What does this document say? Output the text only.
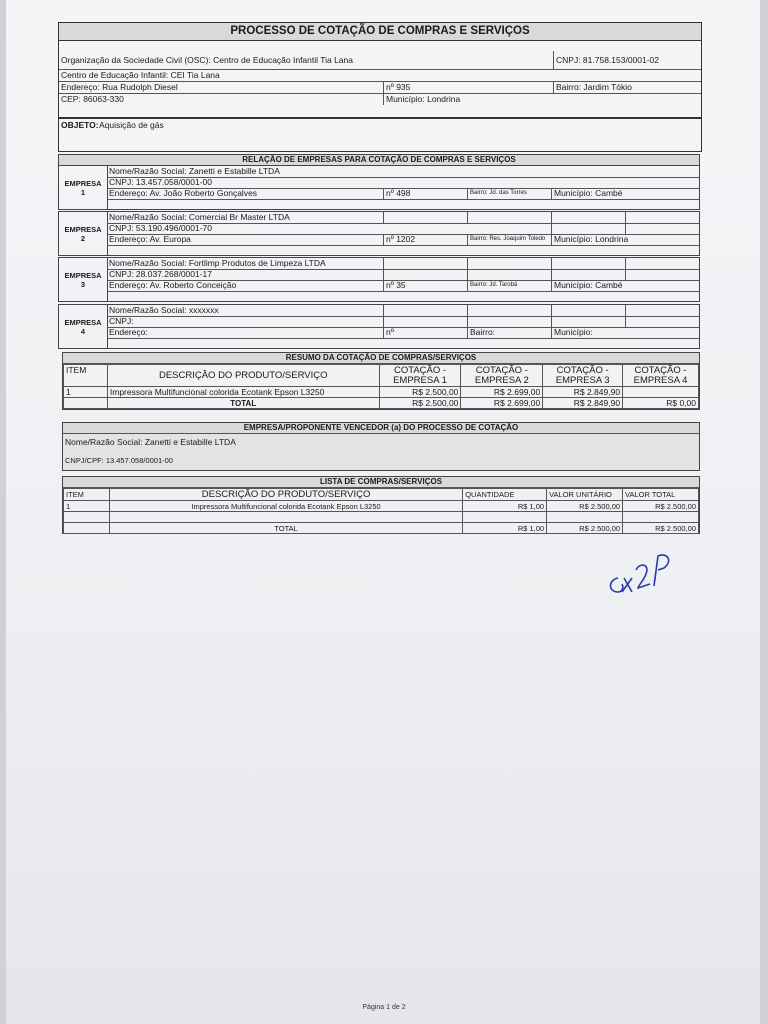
PROCESSO DE COTAÇÃO DE COMPRAS E SERVIÇOS
Organização da Sociedade Civil (OSC): Centro de Educação Infantil Tia Lana	CNPJ: 81.758.153/0001-02
Centro de Educação Infantil: CEI Tia Lana
Endereço: Rua Rudolph Diesel	nº 935	Bairro: Jardim Tókio
CEP: 86063-330	Município: Londrina
OBJETO: Aquisição de gás
RELAÇÃO DE EMPRESAS PARA COTAÇÃO DE COMPRAS E SERVIÇOS
EMPRESA
1
Nome/Razão Social: Zanetti e Estabille LTDA
CNPJ: 13.457.058/0001-00
Endereço: Av. João Roberto Gonçalves	nº 498	Bairro: Jd. das Torres	Município: Cambé
EMPRESA
2
Nome/Razão Social: Comercial Br Master LTDA
CNPJ: 53.190.496/0001-70
Endereço: Av. Europa	nº 1202	Bairro: Res. Joaquim Toledo	Município: Londrina
EMPRESA
3
Nome/Razão Social: Fortlimp Produtos de Limpeza LTDA
CNPJ: 28.037.268/0001-17
Endereço: Av. Roberto Conceição	nº 35	Bairro: Jd. Tarobá	Município: Cambé
EMPRESA
4
Nome/Razão Social: xxxxxxx
CNPJ:
Endereço:	nº	Bairro:	Município:
RESUMO DA COTAÇÃO DE COMPRAS/SERVIÇOS
ITEM	DESCRIÇÃO DO PRODUTO/SERVIÇO	COTAÇÃO - EMPRESA 1	COTAÇÃO - EMPRESA 2	COTAÇÃO - EMPRESA 3	COTAÇÃO - EMPRESA 4
1	Impressora Multifuncional colorida Ecotank Epson L3250	R$ 2.500,00	R$ 2.699,00	R$ 2.849,90	
	TOTAL	R$ 2.500,00	R$ 2.699,00	R$ 2.849,90	R$ 0,00
EMPRESA/PROPONENTE VENCEDOR (a) DO PROCESSO DE COTAÇÃO
Nome/Razão Social: Zanetti e Estabille LTDA
CNPJ/CPF: 13.457.058/0001-00
LISTA DE COMPRAS/SERVIÇOS
ITEM	DESCRIÇÃO DO PRODUTO/SERVIÇO	QUANTIDADE	VALOR UNITÁRIO	VALOR TOTAL
1	Impressora Multifuncional colorida Ecotank Epson L3250	R$ 1,00	R$ 2.500,00	R$ 2.500,00

	TOTAL	R$ 1,00	R$ 2.500,00	R$ 2.500,00
Página 1 de 2
